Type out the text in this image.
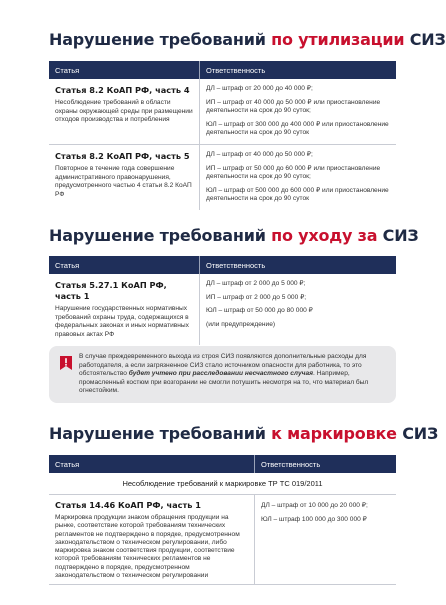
Нарушение требований по утилизации СИЗ
Статья	Ответственность
Статья 8.2 КоАП РФ, часть 4
Несоблюдение требований в области охраны окружающей среды при размещении отходов производства и потребления
ДЛ – штраф от 20 000 до 40 000 ₽;
ИП – штраф от 40 000 до 50 000 ₽ или приостановление деятельности на срок до 90 суток;
ЮЛ – штраф от 300 000 до 400 000 ₽ или приостановление деятельности на срок до 90 суток
Статья 8.2 КоАП РФ, часть 5
Повторное в течение года совершение административного правонарушения, предусмотренного частью 4 статьи 8.2 КоАП РФ
ДЛ – штраф от 40 000 до 50 000 ₽;
ИП – штраф от 50 000 до 60 000 ₽ или приостановление деятельности на срок до 90 суток;
ЮЛ – штраф от 500 000 до 600 000 ₽ или приостановление деятельности на срок до 90 суток
Нарушение требований по уходу за СИЗ
Статья	Ответственность
Статья 5.27.1 КоАП РФ, часть 1
Нарушение государственных нормативных требований охраны труда, содержащихся в федеральных законах и иных нормативных правовых актах РФ
ДЛ – штраф от 2 000 до 5 000 ₽;
ИП – штраф от 2 000 до 5 000 ₽;
ЮЛ – штраф от 50 000 до 80 000 ₽
(или предупреждение)
В случае преждевременного выхода из строя СИЗ появляются дополнительные расходы для работодателя, а если загрязненное СИЗ стало источником опасности для работника, то это обстоятельство будет учтено при расследовании несчастного случая. Например, промасленный костюм при возгорании не смогли потушить несмотря на то, что материал был огнестойким.
Нарушение требований к маркировке СИЗ
Статья	Ответственность
Несоблюдение требований к маркировке ТР ТС 019/2011
Статья 14.46 КоАП РФ, часть 1
Маркировка продукции знаком обращения продукции на рынке, соответствие которой требованиям технических регламентов не подтверждено в порядке, предусмотренном законодательством о техническом регулировании, либо маркировка знаком соответствия продукции, соответствие которой требованиям технических регламентов не подтверждено в порядке, предусмотренном законодательством о техническом регулировании
ДЛ – штраф от 10 000 до 20 000 ₽;
ЮЛ – штраф 100 000 до 300 000 ₽
